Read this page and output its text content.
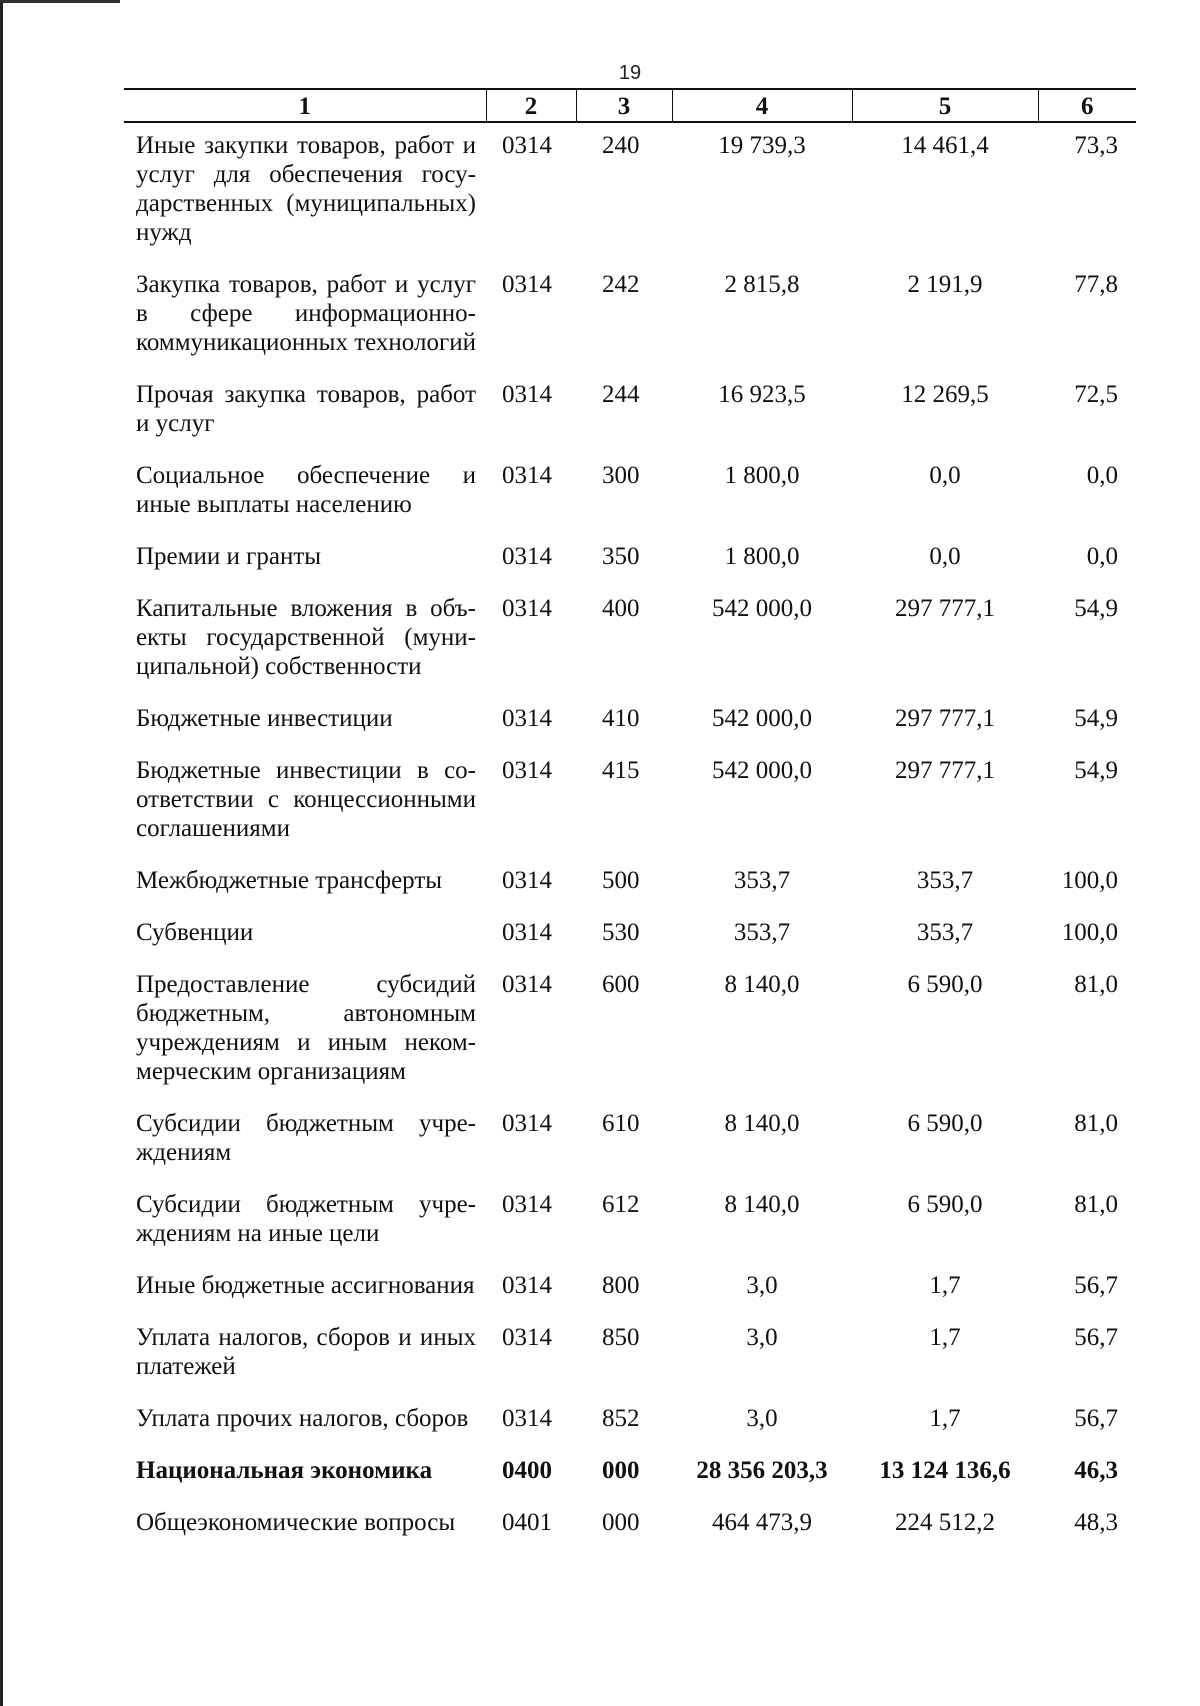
19
1	2	3	4	5	6
Иные закупки товаров, работ и услуг для обеспечения государственных (муниципальных) нужд	0314	240	19 739,3	14 461,4	73,3
Закупка товаров, работ и услуг в сфере информационно-коммуникационных технологий	0314	242	2 815,8	2 191,9	77,8
Прочая закупка товаров, работ и услуг	0314	244	16 923,5	12 269,5	72,5
Социальное обеспечение и иные выплаты населению	0314	300	1 800,0	0,0	0,0
Премии и гранты	0314	350	1 800,0	0,0	0,0
Капитальные вложения в объекты государственной (муниципальной) собственности	0314	400	542 000,0	297 777,1	54,9
Бюджетные инвестиции	0314	410	542 000,0	297 777,1	54,9
Бюджетные инвестиции в соответствии с концессионными соглашениями	0314	415	542 000,0	297 777,1	54,9
Межбюджетные трансферты	0314	500	353,7	353,7	100,0
Субвенции	0314	530	353,7	353,7	100,0
Предоставление субсидий бюджетным, автономным учреждениям и иным некоммерческим организациям	0314	600	8 140,0	6 590,0	81,0
Субсидии бюджетным учреждениям	0314	610	8 140,0	6 590,0	81,0
Субсидии бюджетным учреждениям на иные цели	0314	612	8 140,0	6 590,0	81,0
Иные бюджетные ассигнования	0314	800	3,0	1,7	56,7
Уплата налогов, сборов и иных платежей	0314	850	3,0	1,7	56,7
Уплата прочих налогов, сборов	0314	852	3,0	1,7	56,7
Национальная экономика	0400	000	28 356 203,3	13 124 136,6	46,3
Общеэкономические вопросы	0401	000	464 473,9	224 512,2	48,3
